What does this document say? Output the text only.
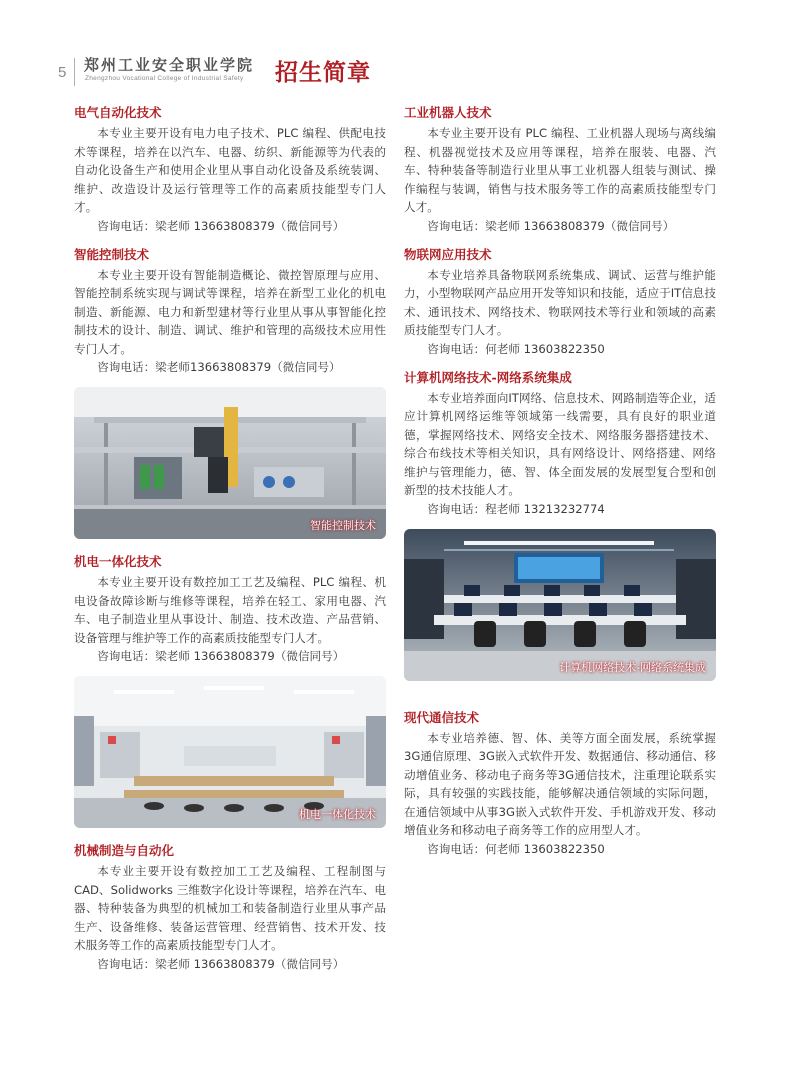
5 郑州工业安全职业学院
Zhengzhou Vocational College of Industrial Safety 招生简章

电气自动化技术

本专业主要开设有电力电子技术、PLC 编程、供配电技术等课程，培养在以汽车、电器、纺织、新能源等为代表的自动化设备生产和使用企业里从事自动化设备及系统装调、维护、改造设计及运行管理等工作的高素质技能型专门人才。

咨询电话：梁老师 13663808379（微信同号）

智能控制技术

本专业主要开设有智能制造概论、微控智原理与应用、智能控制系统实现与调试等课程，培养在新型工业化的机电制造、新能源、电力和新型建材等行业里从事从事智能化控制技术的设计、制造、调试、维护和管理的高级技术应用性专门人才。

咨询电话：梁老师13663808379（微信同号）

智能控制技术

机电一体化技术

本专业主要开设有数控加工工艺及编程、PLC 编程、机电设备故障诊断与维修等课程，培养在轻工、家用电器、汽车、电子制造业里从事设计、制造、技术改造、产品营销、设备管理与维护等工作的高素质技能型专门人才。

咨询电话：梁老师 13663808379（微信同号）

机电一体化技术

机械制造与自动化

本专业主要开设有数控加工工艺及编程、工程制图与 CAD、Solidworks 三维数字化设计等课程，培养在汽车、电器、特种装备为典型的机械加工和装备制造行业里从事产品生产、设备维修、装备运营管理、经营销售、技术开发、技术服务等工作的高素质技能型专门人才。

咨询电话：梁老师 13663808379（微信同号）

工业机器人技术

本专业主要开设有 PLC 编程、工业机器人现场与离线编程、机器视觉技术及应用等课程，培养在服装、电器、汽车、特种装备等制造行业里从事工业机器人组装与测试、操作编程与装调，销售与技术服务等工作的高素质技能型专门人才。

咨询电话：梁老师 13663808379（微信同号）

物联网应用技术

本专业培养具备物联网系统集成、调试、运营与维护能力，小型物联网产品应用开发等知识和技能，适应于IT信息技术、通讯技术、网络技术、物联网技术等行业和领域的高素质技能型专门人才。

咨询电话：何老师 13603822350

计算机网络技术-网络系统集成

本专业培养面向IT网络、信息技术、网路制造等企业，适应计算机网络运维等领域第一线需要，具有良好的职业道德，掌握网络技术、网络安全技术、网络服务器搭建技术、综合布线技术等相关知识，具有网络设计、网络搭建、网络维护与管理能力，德、智、体全面发展的发展型复合型和创新型的技术技能人才。

咨询电话：程老师 13213232774

计算机网络技术-网络系统集成

现代通信技术

本专业培养德、智、体、美等方面全面发展，系统掌握3G通信原理、3G嵌入式软件开发、数据通信、移动通信、移动增值业务、移动电子商务等3G通信技术，注重理论联系实际，具有较强的实践技能，能够解决通信领域的实际问题，在通信领域中从事3G嵌入式软件开发、手机游戏开发、移动增值业务和移动电子商务等工作的应用型人才。

咨询电话：何老师 13603822350
